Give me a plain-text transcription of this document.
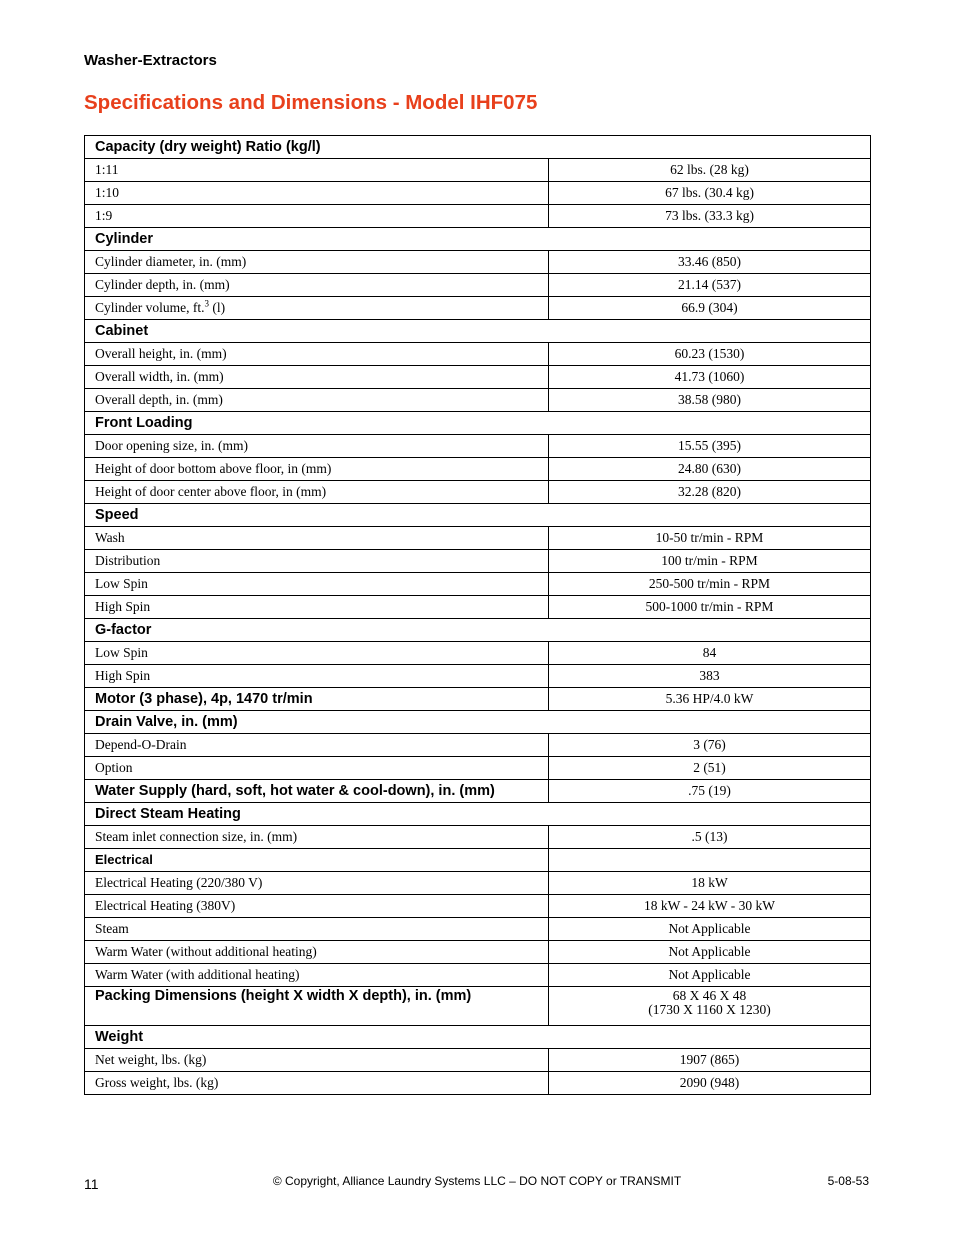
Washer-Extractors
Specifications and Dimensions - Model IHF075
Capacity (dry weight) Ratio (kg/l)	
1:11	62 lbs. (28 kg)
1:10	67 lbs. (30.4 kg)
1:9	73 lbs. (33.3 kg)
Cylinder	
Cylinder diameter, in. (mm)	33.46 (850)
Cylinder depth, in. (mm)	21.14 (537)
Cylinder volume, ft.$^3$ (l)	66.9 (304)
Cabinet	
Overall height, in. (mm)	60.23 (1530)
Overall width, in. (mm)	41.73 (1060)
Overall depth, in. (mm)	38.58 (980)
Front Loading	
Door opening size, in. (mm)	15.55 (395)
Height of door bottom above floor, in (mm)	24.80 (630)
Height of door center above floor, in (mm)	32.28 (820)
Speed	
Wash	10-50 tr/min - RPM
Distribution	100 tr/min - RPM
Low Spin	250-500 tr/min - RPM
High Spin	500-1000 tr/min - RPM
G-factor	
Low Spin	84
High Spin	383
Motor (3 phase), 4p, 1470 tr/min	5.36 HP/4.0 kW
Drain Valve, in. (mm)	
Depend-O-Drain	3 (76)
Option	2 (51)
Water Supply (hard, soft, hot water & cool-down), in. (mm)	.75 (19)
Direct Steam Heating	
Steam inlet connection size, in. (mm)	.5 (13)
Electrical	
Electrical Heating (220/380 V)	18 kW
Electrical Heating (380V)	18 kW - 24 kW - 30 kW
Steam	Not Applicable
Warm Water (without additional heating)	Not Applicable
Warm Water (with additional heating)	Not Applicable
Packing Dimensions (height X width X depth), in. (mm)	68 X 46 X 48
(1730 X 1160 X 1230)

Weight	
Net weight, lbs. (kg)	1907 (865)
Gross weight, lbs. (kg)	2090 (948)
11	© Copyright, Alliance Laundry Systems LLC – DO NOT COPY or TRANSMIT	5-08-53
